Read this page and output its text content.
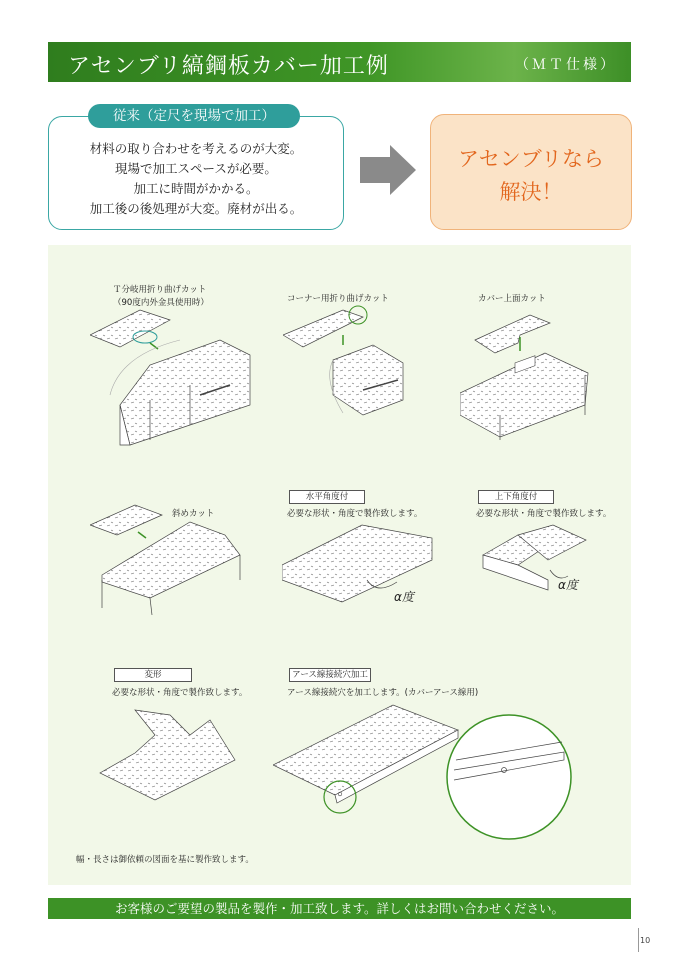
アセンブリ縞鋼板カバー加工例	（ＭＴ仕様）
従来（定尺を現場で加工）
材料の取り合わせを考えるのが大変。
現場で加工スペースが必要。
加工に時間がかかる。
加工後の後処理が大変。廃材が出る。
アセンブリなら
解決！
Ｔ分岐用折り曲げカット
（90度内外金具使用時）	コーナー用折り曲げカット	カバー上面カット
斜めカット
水平角度付
必要な形状・角度で製作致します。
上下角度付
必要な形状・角度で製作致します。
α度
α度
変形
必要な形状・角度で製作致します。
アース線接続穴加工
アース線接続穴を加工します。(カバーアース線用)
幅・長さは御依頼の図面を基に製作致します。
お客様のご要望の製品を製作・加工致します。詳しくはお問い合わせください。
10
